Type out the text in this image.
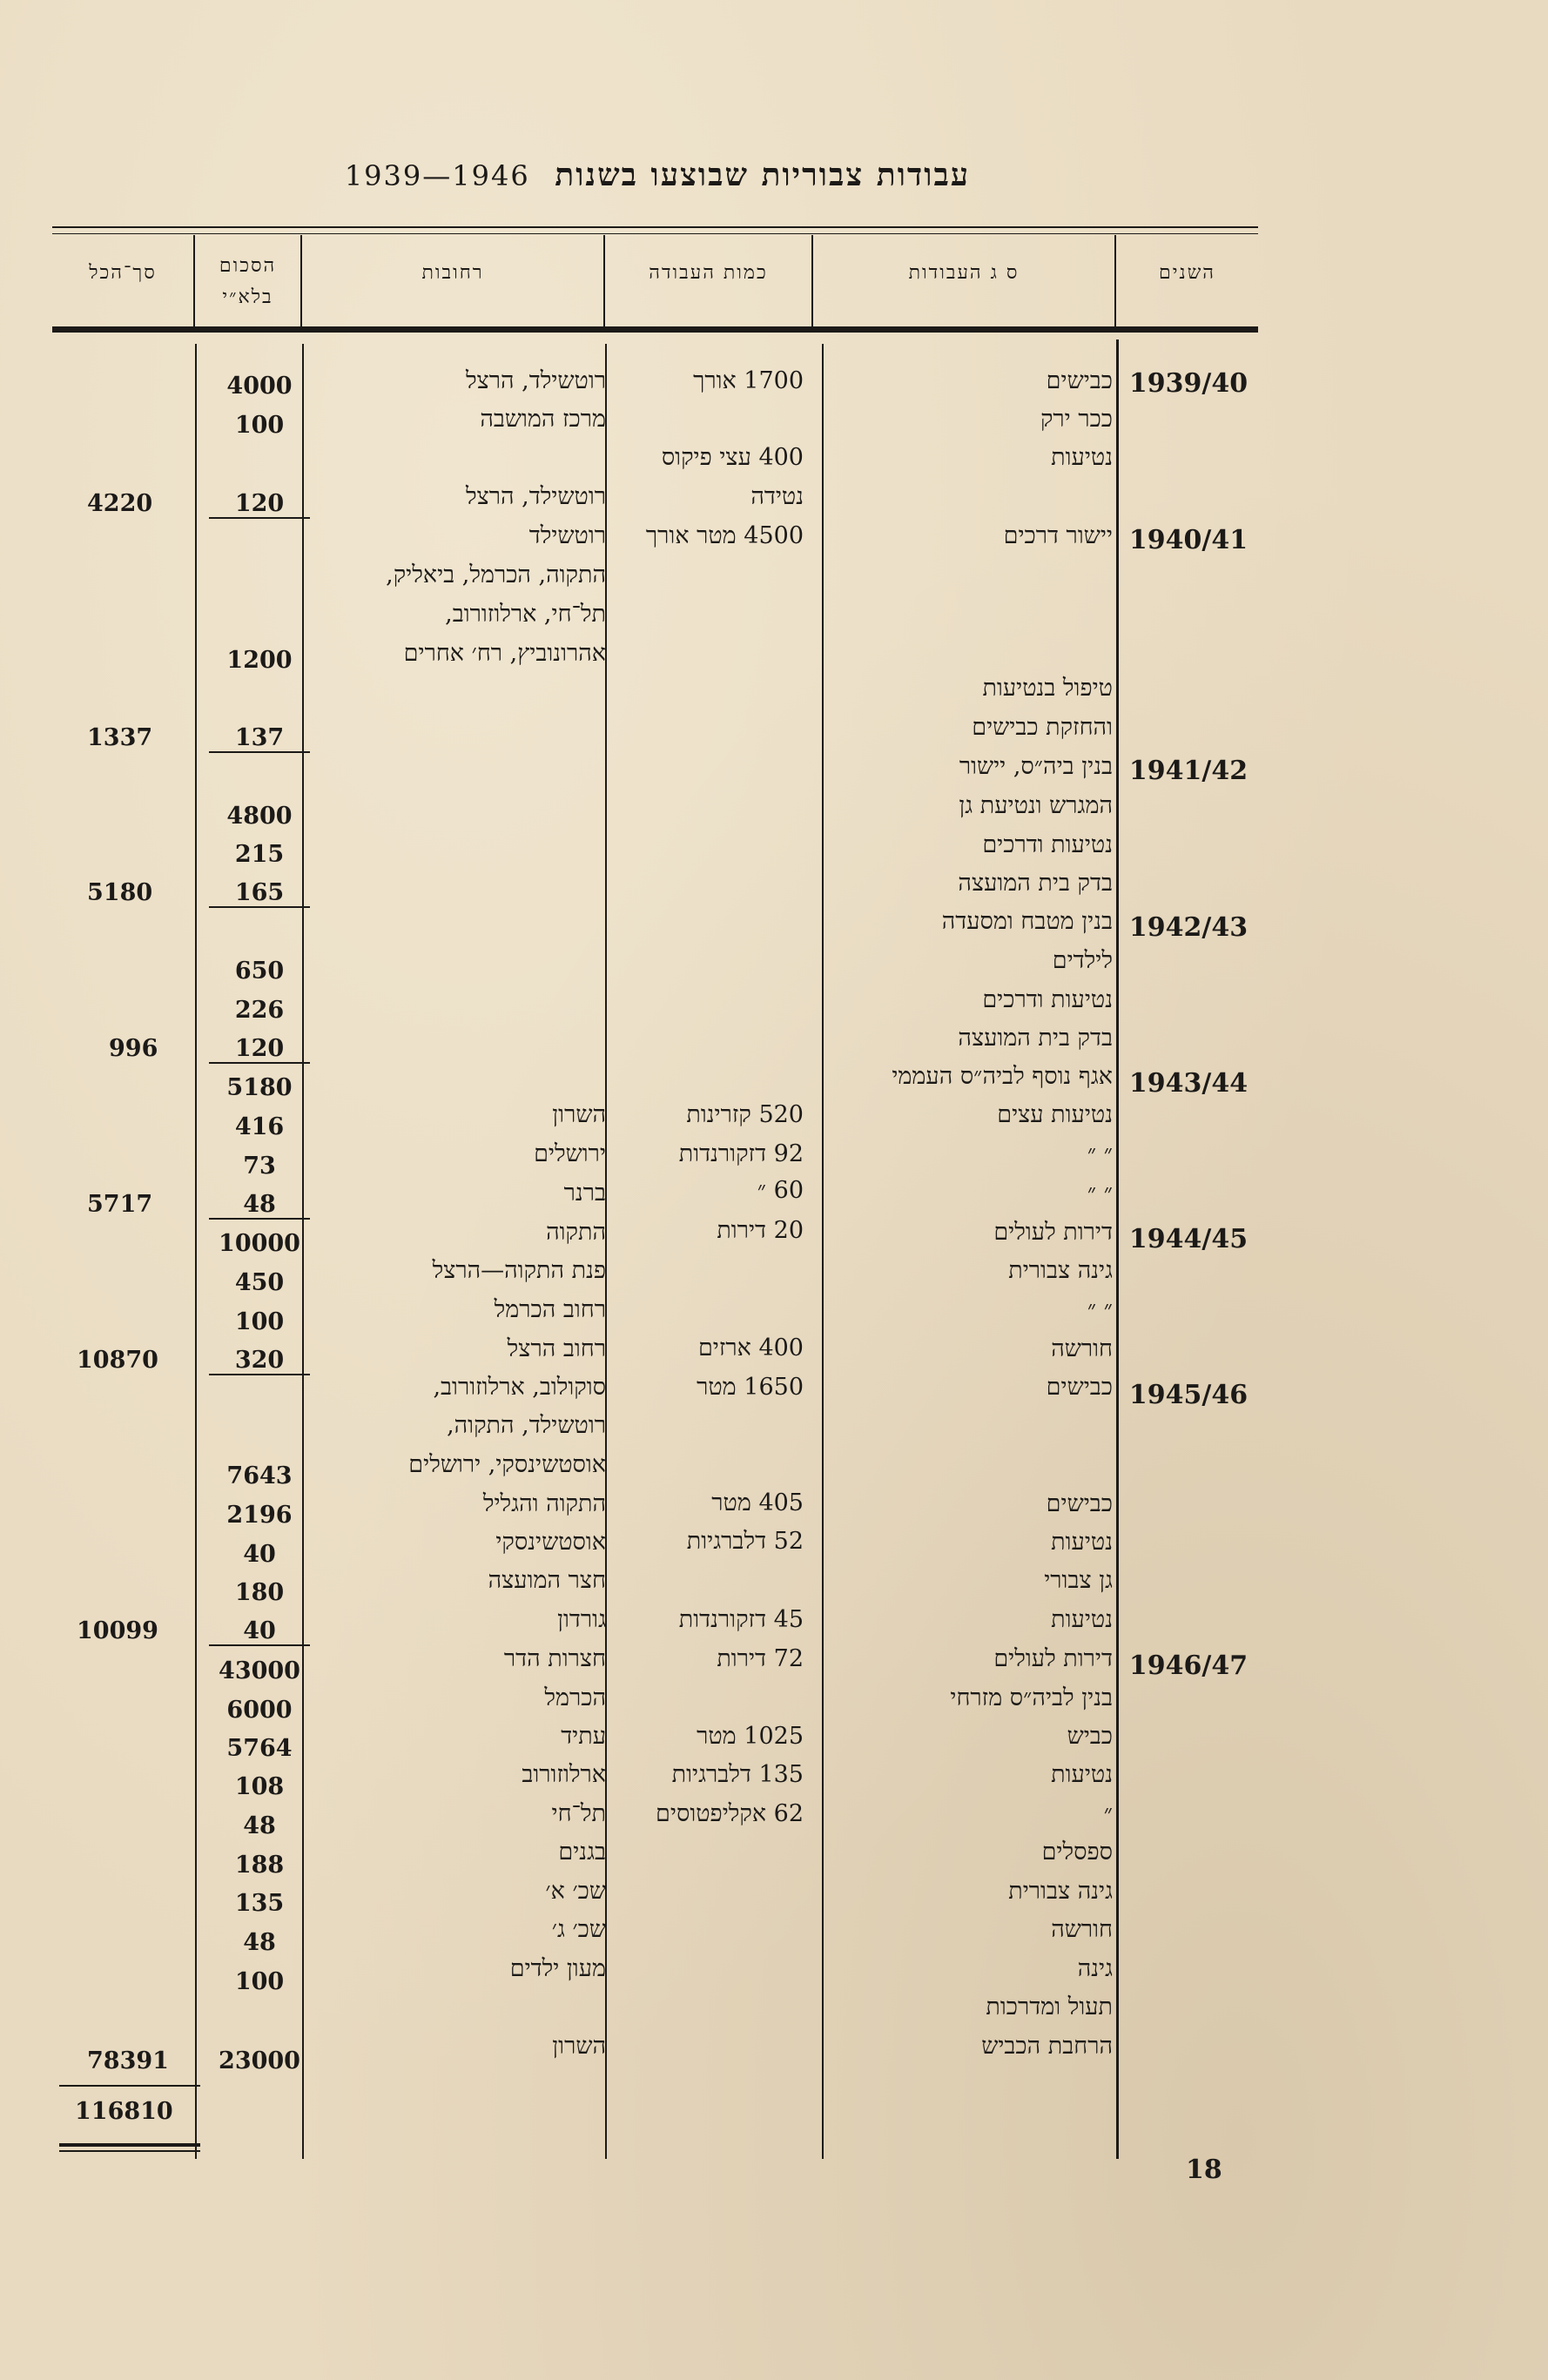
עבודות צבוריות שבוצעו בשנות 1946—1939
השנים
ס ג העבודות
כמות העבודה
רחובות
הסכום
בלא״י
סך־הכל
1939/40
1940/41
1941/42
1942/43
1943/44
1944/45
1945/46
1946/47
כבישים
ככר ירק
נטיעות
יישור דרכים
טיפול בנטיעות
והחזקת כבישים
בנין ביה״ס, יישור
המגרש ונטיעת גן
נטיעות ודרכים
בדק בית המועצה
בנין מטבח ומסעדה
לילדים
נטיעות ודרכים
בדק בית המועצה
אגף נוסף לביה״ס העממי
נטיעות עצים
״ ״
״ ״
דירות לעולים
גינה צבורית
״ ״
חורשה
כבישים
כבישים
נטיעות
גן צבורי
נטיעות
דירות לעולים
בנין לביה״ס מזרחי
כביש
נטיעות
״
ספסלים
גינה צבורית
חורשה
גינה
תעול ומדרכות
הרחבת הכביש
1700 אורך
400 עצי פיקוס
נטידה
4500 מטר אורך
520 קזרינות
92 דזקורנדות
60 ״
20 דירות
400 ארזים
1650 מטר
405 מטר
52 דלברגיות
45 דזקורנדות
72 דירות
1025 מטר
135 דלברגיות
62 אקליפטוסים
רוטשילד, הרצל
מרכז המושבה
רוטשילד, הרצל
רוטשילד
התקוה, הכרמל, ביאליק,
תל־חי, ארלוזורוב,
אהרונוביץ, רח׳ אחרים
השרון
ירושלים
ברנר
התקוה
פנת התקוה—הרצל
רחוב הכרמל
רחוב הרצל
סוקולוב, ארלוזורוב,
רוטשילד, התקוה,
אוסטשינסקי, ירושלים
התקוה והגליל
אוסטשינסקי
חצר המועצה
גורדון
חצרות הדר
הכרמל
עתיד
ארלוזורוב
תל־חי
בגנים
שכ׳ א׳
שכ׳ ג׳
מעון ילדים
השרון
4000
100
120
1200
137
4800
215
165
650
226
120
5180
416
73
48
10000
450
100
320
7643
2196
40
180
40
43000
6000
5764
108
48
188
135
48
100
23000
4220
1337
5180
996
5717
10870
10099
78391
116810
18
